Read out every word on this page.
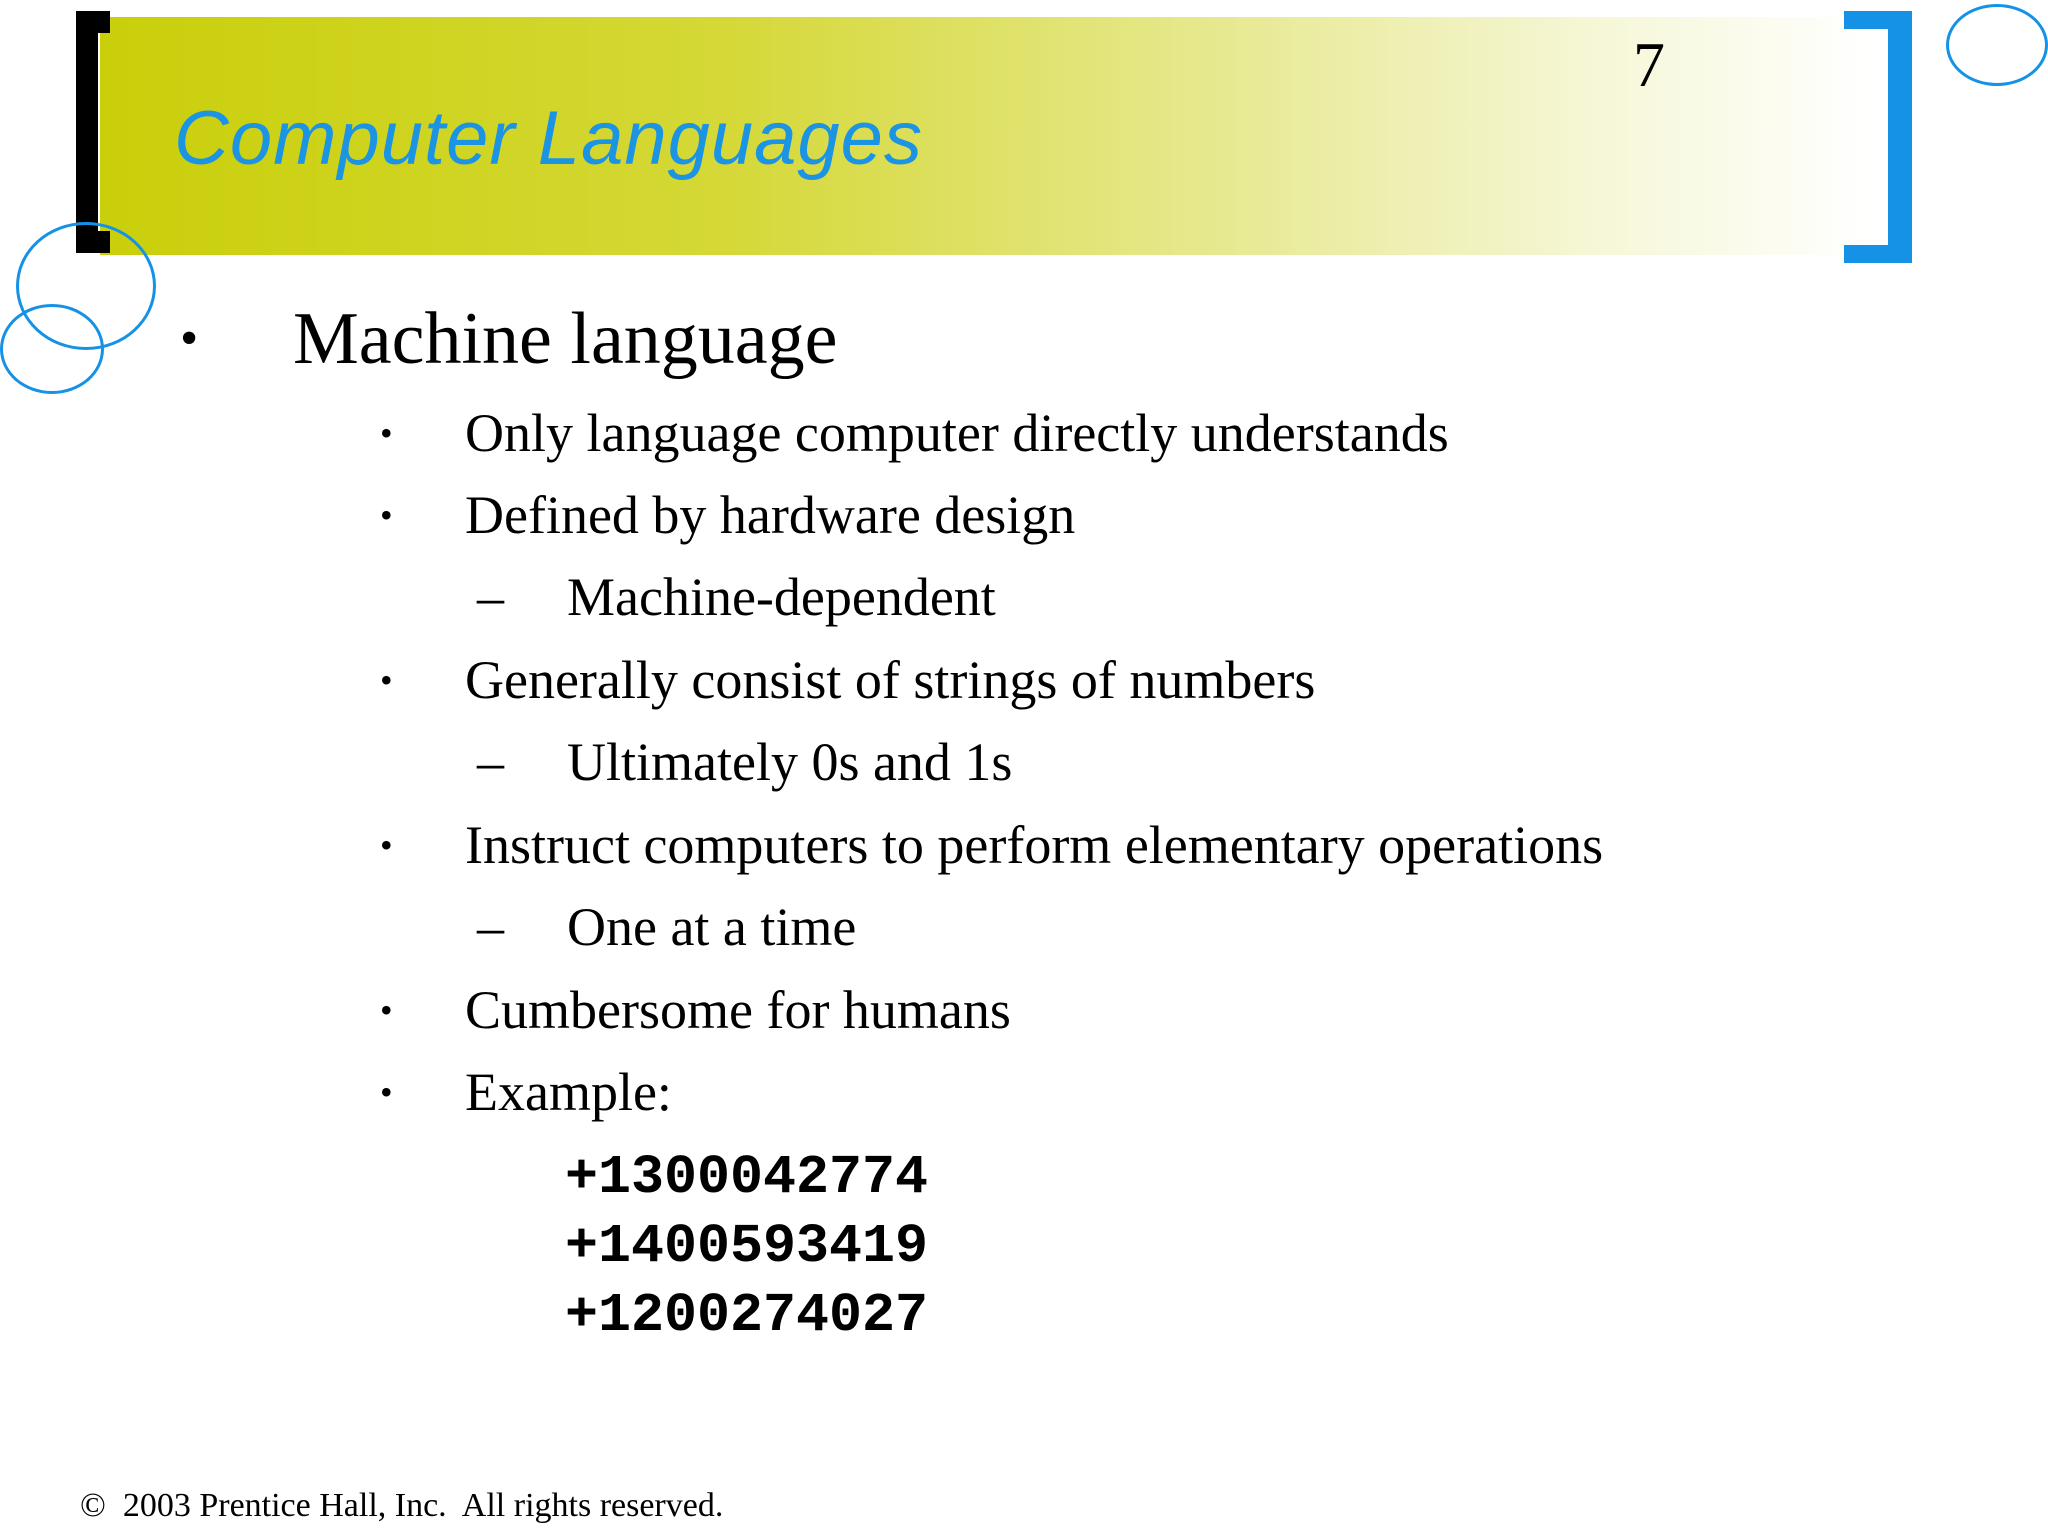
Computer Languages
7
• Machine language
• Only language computer directly understands
• Defined by hardware design
– Machine-dependent
• Generally consist of strings of numbers
– Ultimately 0s and 1s
• Instruct computers to perform elementary operations
– One at a time
• Cumbersome for humans
• Example:
+1300042774
+1400593419
+1200274027
©  2003 Prentice Hall, Inc.  All rights reserved.
